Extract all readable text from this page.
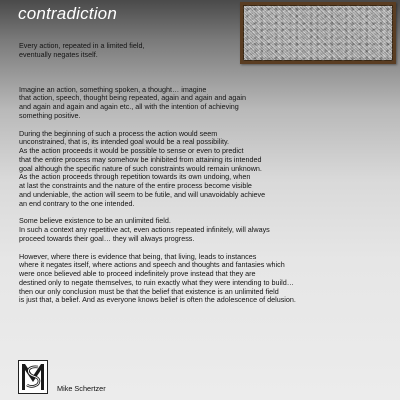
contradiction

Every action, repeated in a limited field,
eventually negates itself.

Imagine an action, something spoken, a thought… imagine
that action, speech, thought being repeated, again and again and again
and again and again and again etc., all with the intention of achieving
something positive.

During the beginning of such a process the action would seem
unconstrained, that is, its intended goal would be a real possibility.
As the action proceeds it would be possible to sense or even to predict
that the entire process may somehow be inhibited from attaining its intended
goal although the specific nature of such constraints would remain unknown.
As the action proceeds through repetition towards its own undoing, when
at last the constraints and the nature of the entire process become visible
and undeniable, the action will seem to be futile, and will unavoidably achieve
an end contrary to the one intended.

Some believe existence to be an unlimited field.
In such a context any repetitive act, even actions repeated infinitely, will always
proceed towards their goal… they will always progress.

However, where there is evidence that being, that living, leads to instances
where it negates itself, where actions and speech and thoughts and fantasies which
were once believed able to proceed indefinitely prove instead that they are
destined only to negate themselves, to ruin exactly what they were intending to build…
then our only conclusion must be that the belief that existence is an unlimited field
is just that, a belief. And as everyone knows belief is often the adolescence of delusion.

Mike Schertzer
